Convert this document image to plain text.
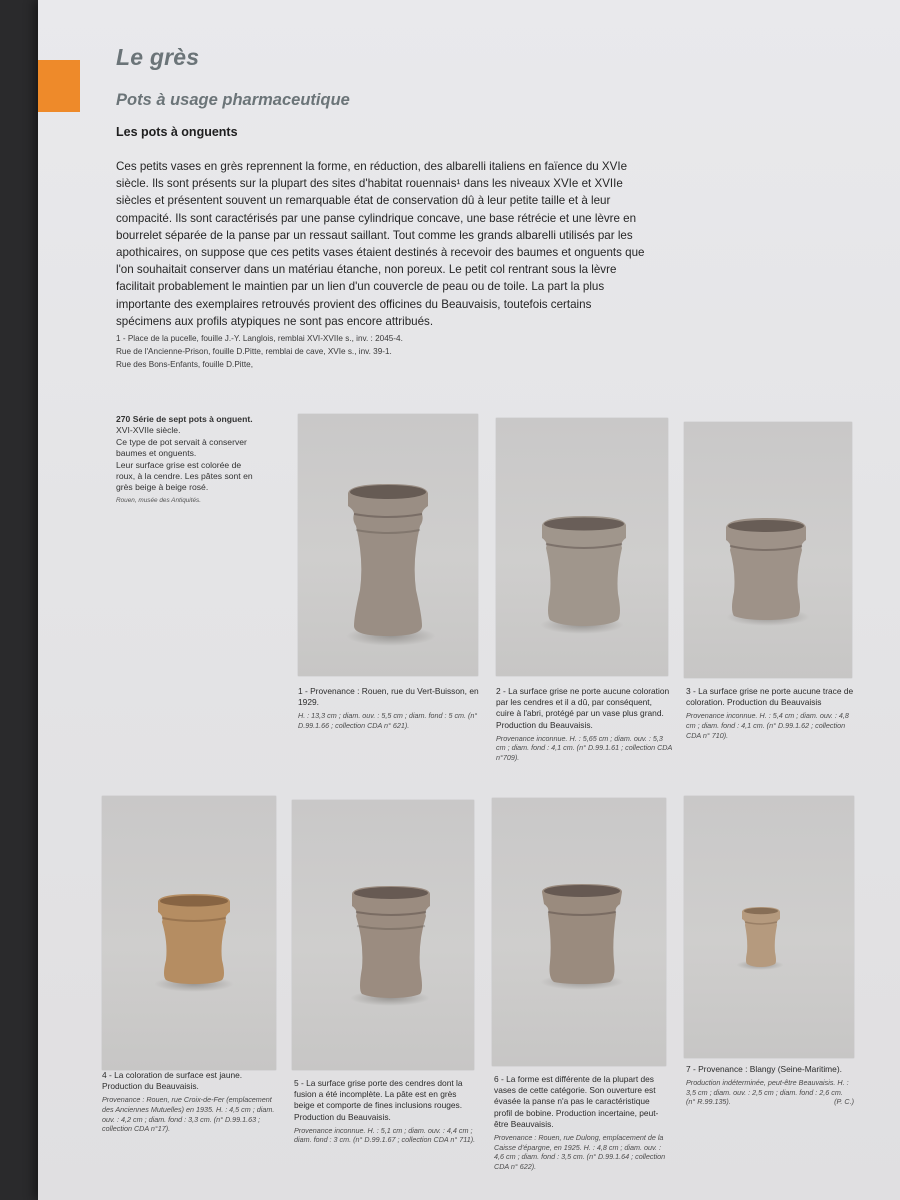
Le grès
Pots à usage pharmaceutique
Les pots à onguents
Ces petits vases en grès reprennent la forme, en réduction, des albarelli italiens en faïence du XVIe
siècle. Ils sont présents sur la plupart des sites d'habitat rouennais¹ dans les niveaux XVIe et XVIIe
siècles et présentent souvent un remarquable état de conservation dû à leur petite taille et à leur
compacité. Ils sont caractérisés par une panse cylindrique concave, une base rétrécie et une lèvre en
bourrelet séparée de la panse par un ressaut saillant. Tout comme les grands albarelli utilisés par les
apothicaires, on suppose que ces petits vases étaient destinés à recevoir des baumes et onguents que
l'on souhaitait conserver dans un matériau étanche, non poreux. Le petit col rentrant sous la lèvre
facilitait probablement le maintien par un lien d'un couvercle de peau ou de toile. La part la plus
importante des exemplaires retrouvés provient des officines du Beauvaisis, toutefois certains
spécimens aux profils atypiques ne sont pas encore attribués.
1 - Place de la pucelle, fouille J.-Y. Langlois, remblai XVI-XVIIe s., inv. : 2045-4.
Rue de l'Ancienne-Prison, fouille D.Pitte, remblai de cave, XVIe s., inv. 39-1.
Rue des Bons-Enfants, fouille D.Pitte,
270 Série de sept pots à onguent.
XVI-XVIIe siècle.
Ce type de pot servait à conserver
baumes et onguents.
Leur surface grise est colorée de
roux, à la cendre. Les pâtes sont en
grès beige à beige rosé.
Rouen, musée des Antiquités.
1 - Provenance : Rouen, rue du Vert-Buisson, en 1929.
H. : 13,3 cm ; diam. ouv. : 5,5 cm ; diam. fond : 5 cm. (n° D.99.1.66 ; collection CDA n° 621).
2 - La surface grise ne porte aucune coloration par les cendres et il a dû, par conséquent, cuire à l'abri, protégé par un vase plus grand. Production du Beauvaisis.
Provenance inconnue. H. : 5,65 cm ; diam. ouv. : 5,3 cm ; diam. fond : 4,1 cm. (n° D.99.1.61 ; collection CDA n°709).
3 - La surface grise ne porte aucune trace de coloration. Production du Beauvaisis
Provenance inconnue. H. : 5,4 cm ; diam. ouv. : 4,8 cm ; diam. fond : 4,1 cm. (n° D.99.1.62 ; collection CDA n° 710).
4 - La coloration de surface est jaune. Production du Beauvaisis.
Provenance : Rouen, rue Croix-de-Fer (emplacement des Anciennes Mutuelles) en 1935. H. : 4,5 cm ; diam. ouv. : 4,2 cm ; diam. fond : 3,3 cm. (n° D.99.1.63 ; collection CDA n°17).
5 - La surface grise porte des cendres dont la fusion a été incomplète. La pâte est en grès beige et comporte de fines inclusions rouges. Production du Beauvaisis.
Provenance inconnue. H. : 5,1 cm ; diam. ouv. : 4,4 cm ; diam. fond : 3 cm. (n° D.99.1.67 ; collection CDA n° 711).
6 - La forme est différente de la plupart des vases de cette catégorie. Son ouverture est évasée la panse n'a pas le caractéristique profil de bobine. Production incertaine, peut-être Beauvaisis.
Provenance : Rouen, rue Dulong, emplacement de la Caisse d'épargne, en 1925. H. : 4,8 cm ; diam. ouv. : 4,6 cm ; diam. fond : 3,5 cm. (n° D.99.1.64 ; collection CDA n° 622).
7 - Provenance : Blangy (Seine-Maritime).
Production indéterminée, peut-être Beauvaisis. H. : 3,5 cm ; diam. ouv. : 2,5 cm ; diam. fond : 2,6 cm. (n° R.99.135).	(P. C.)
